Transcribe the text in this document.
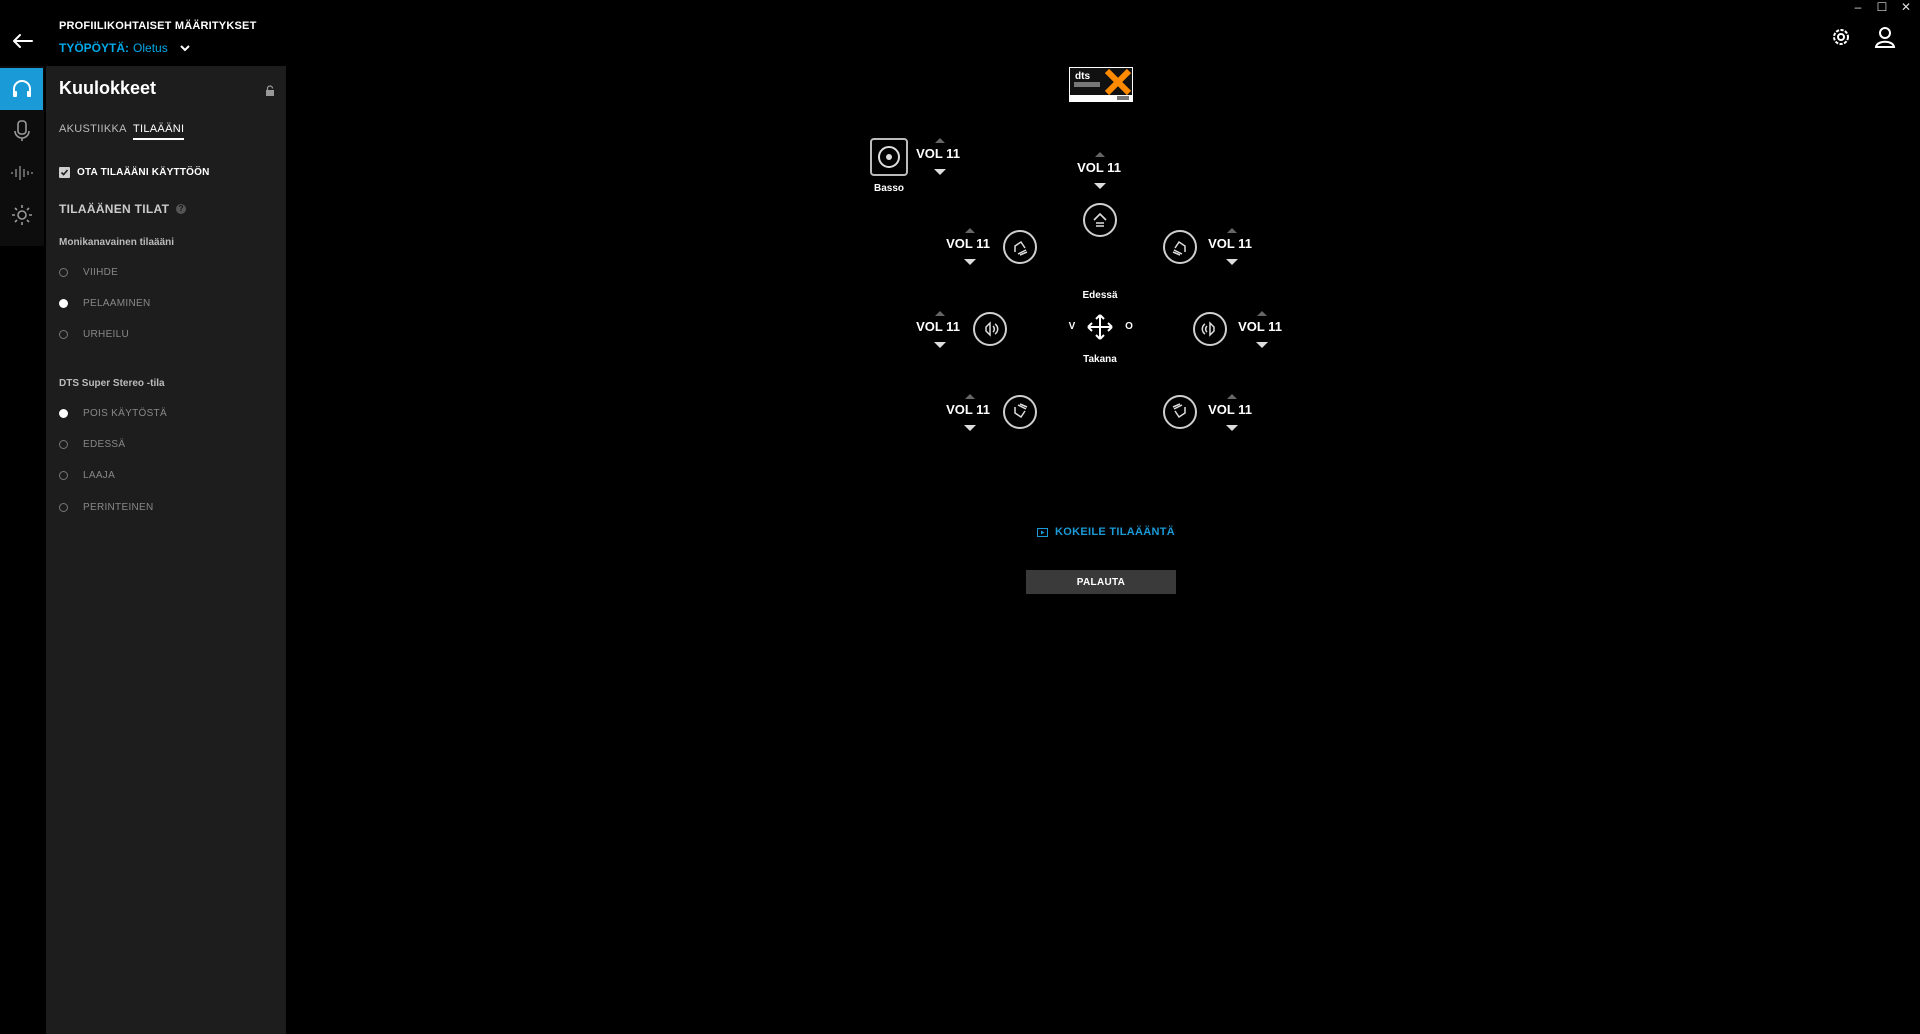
–	☐	✕
PROFIILIKOHTAISET MÄÄRITYKSET
TYÖPÖYTÄ: Oletus
Kuulokkeet
AKUSTIIKKA TILAÄÄNI
OTA TILAÄÄNI KÄYTTÖÖN
TILAÄÄNEN TILAT	?
Monikanavainen tilaääni
VIIHDE
PELAAMINEN
URHEILU
DTS Super Stereo -tila
POIS KÄYTÖSTÄ
EDESSÄ
LAAJA
PERINTEINEN
dts
Basso
VOL 11
VOL 11
VOL 11	VOL 11
Edessä
VOL 11	V	O
Takana
VOL 11
VOL 11	VOL 11
KOKEILE TILAÄÄNTÄ
PALAUTA
